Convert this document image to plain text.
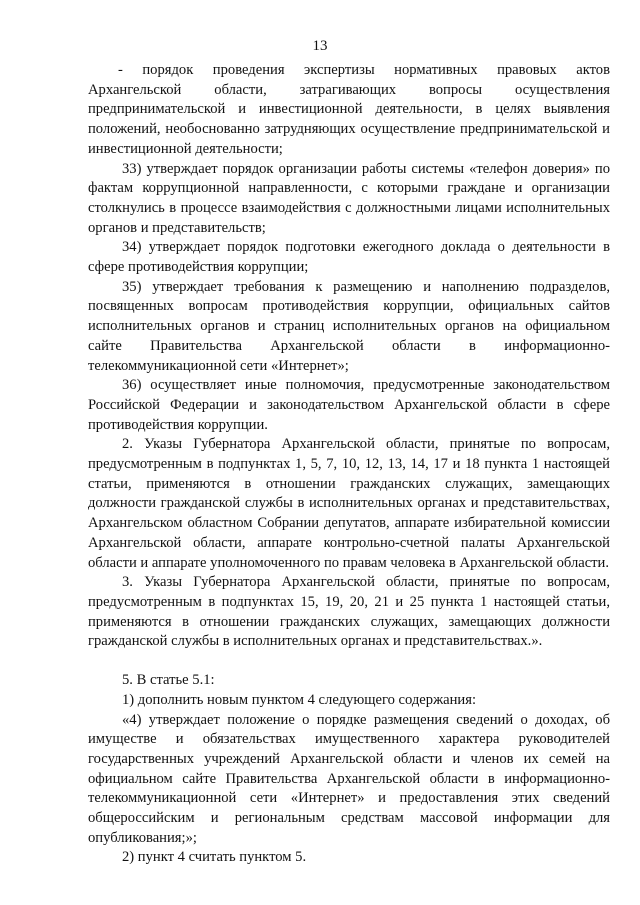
13

- порядок проведения экспертизы нормативных правовых актов Архангельской области, затрагивающих вопросы осуществления предпринимательской и инвестиционной деятельности, в целях выявления положений, необоснованно затрудняющих осуществление предпринимательской и инвестиционной деятельности;

33) утверждает порядок организации работы системы «телефон доверия» по фактам коррупционной направленности, с которыми граждане и организации столкнулись в процессе взаимодействия с должностными лицами исполнительных органов и представительств;

34) утверждает порядок подготовки ежегодного доклада о деятельности в сфере противодействия коррупции;

35) утверждает требования к размещению и наполнению подразделов, посвященных вопросам противодействия коррупции, официальных сайтов исполнительных органов и страниц исполнительных органов на официальном сайте Правительства Архангельской области в информационно-телекоммуникационной сети «Интернет»;

36) осуществляет иные полномочия, предусмотренные законодательством Российской Федерации и законодательством Архангельской области в сфере противодействия коррупции.

2. Указы Губернатора Архангельской области, принятые по вопросам, предусмотренным в подпунктах 1, 5, 7, 10, 12, 13, 14, 17 и 18 пункта 1 настоящей статьи, применяются в отношении гражданских служащих, замещающих должности гражданской службы в исполнительных органах и представительствах, Архангельском областном Собрании депутатов, аппарате избирательной комиссии Архангельской области, аппарате контрольно-счетной палаты Архангельской области и аппарате уполномоченного по правам человека в Архангельской области.

3. Указы Губернатора Архангельской области, принятые по вопросам, предусмотренным в подпунктах 15, 19, 20, 21 и 25 пункта 1 настоящей статьи, применяются в отношении гражданских служащих, замещающих должности гражданской службы в исполнительных органах и представительствах.».

5. В статье 5.1:

1) дополнить новым пунктом 4 следующего содержания:

«4) утверждает положение о порядке размещения сведений о доходах, об имуществе и обязательствах имущественного характера руководителей государственных учреждений Архангельской области и членов их семей на официальном сайте Правительства Архангельской области в информационно-телекоммуникационной сети «Интернет» и предоставления этих сведений общероссийским и региональным средствам массовой информации для опубликования;»;

2) пункт 4 считать пунктом 5.
